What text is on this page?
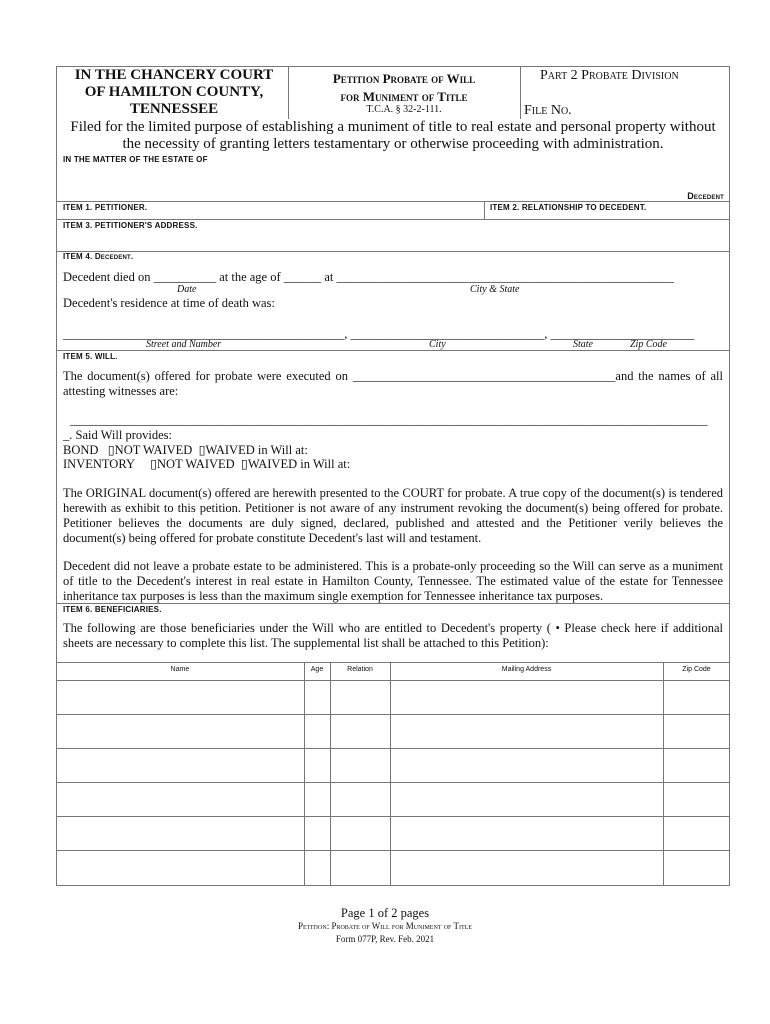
IN THE CHANCERY COURT
OF HAMILTON COUNTY,
TENNESSEE
Petition Probate of Will
for Muniment of Title
T.C.A. § 32-2-111.
Part 2 Probate Division
File No.
Filed for the limited purpose of establishing a muniment of title to real estate and personal property without the necessity of granting letters testamentary or otherwise proceeding with administration.
IN THE MATTER OF THE ESTATE OF
Decedent
ITEM 1. PETITIONER.	ITEM 2. RELATIONSHIP TO DECEDENT.
ITEM 3. PETITIONER'S ADDRESS.
ITEM 4. Decedent.
Decedent died on __________ at the age of ______ at ______________________________________________________
Date	City & State
Decedent's residence at time of death was:
_____________________________________________, _______________________________, _______________________
Street and Number	City	State	Zip Code
ITEM 5. WILL.
The document(s) offered for probate were executed on __________________________________________and the names of all attesting witnesses are:
______________________________________________________________________________________________________
_. Said Will provides:
BOND   ▯NOT WAIVED  ▯WAIVED in Will at:
INVENTORY     ▯NOT WAIVED  ▯WAIVED in Will at:
The ORIGINAL document(s) offered are herewith presented to the COURT for probate. A true copy of the document(s) is tendered herewith as exhibit to this petition. Petitioner is not aware of any instrument revoking the document(s) being offered for probate. Petitioner believes the documents are duly signed, declared, published and attested and the Petitioner verily believes the document(s) being offered for probate constitute Decedent's last will and testament.
Decedent did not leave a probate estate to be administered. This is a probate-only proceeding so the Will can serve as a muniment of title to the Decedent's interest in real estate in Hamilton County, Tennessee. The estimated value of the estate for Tennessee inheritance tax purposes is less than the maximum single exemption for Tennessee inheritance tax purposes.
ITEM 6. BENEFICIARIES.
The following are those beneficiaries under the Will who are entitled to Decedent's property ( • Please check here if additional sheets are necessary to complete this list. The supplemental list shall be attached to this Petition):
Name	Age	Relation	Mailing Address	Zip Code
Page 1 of 2 pages
Petition: Probate of Will for Muniment of Title
Form 077P, Rev. Feb. 2021
